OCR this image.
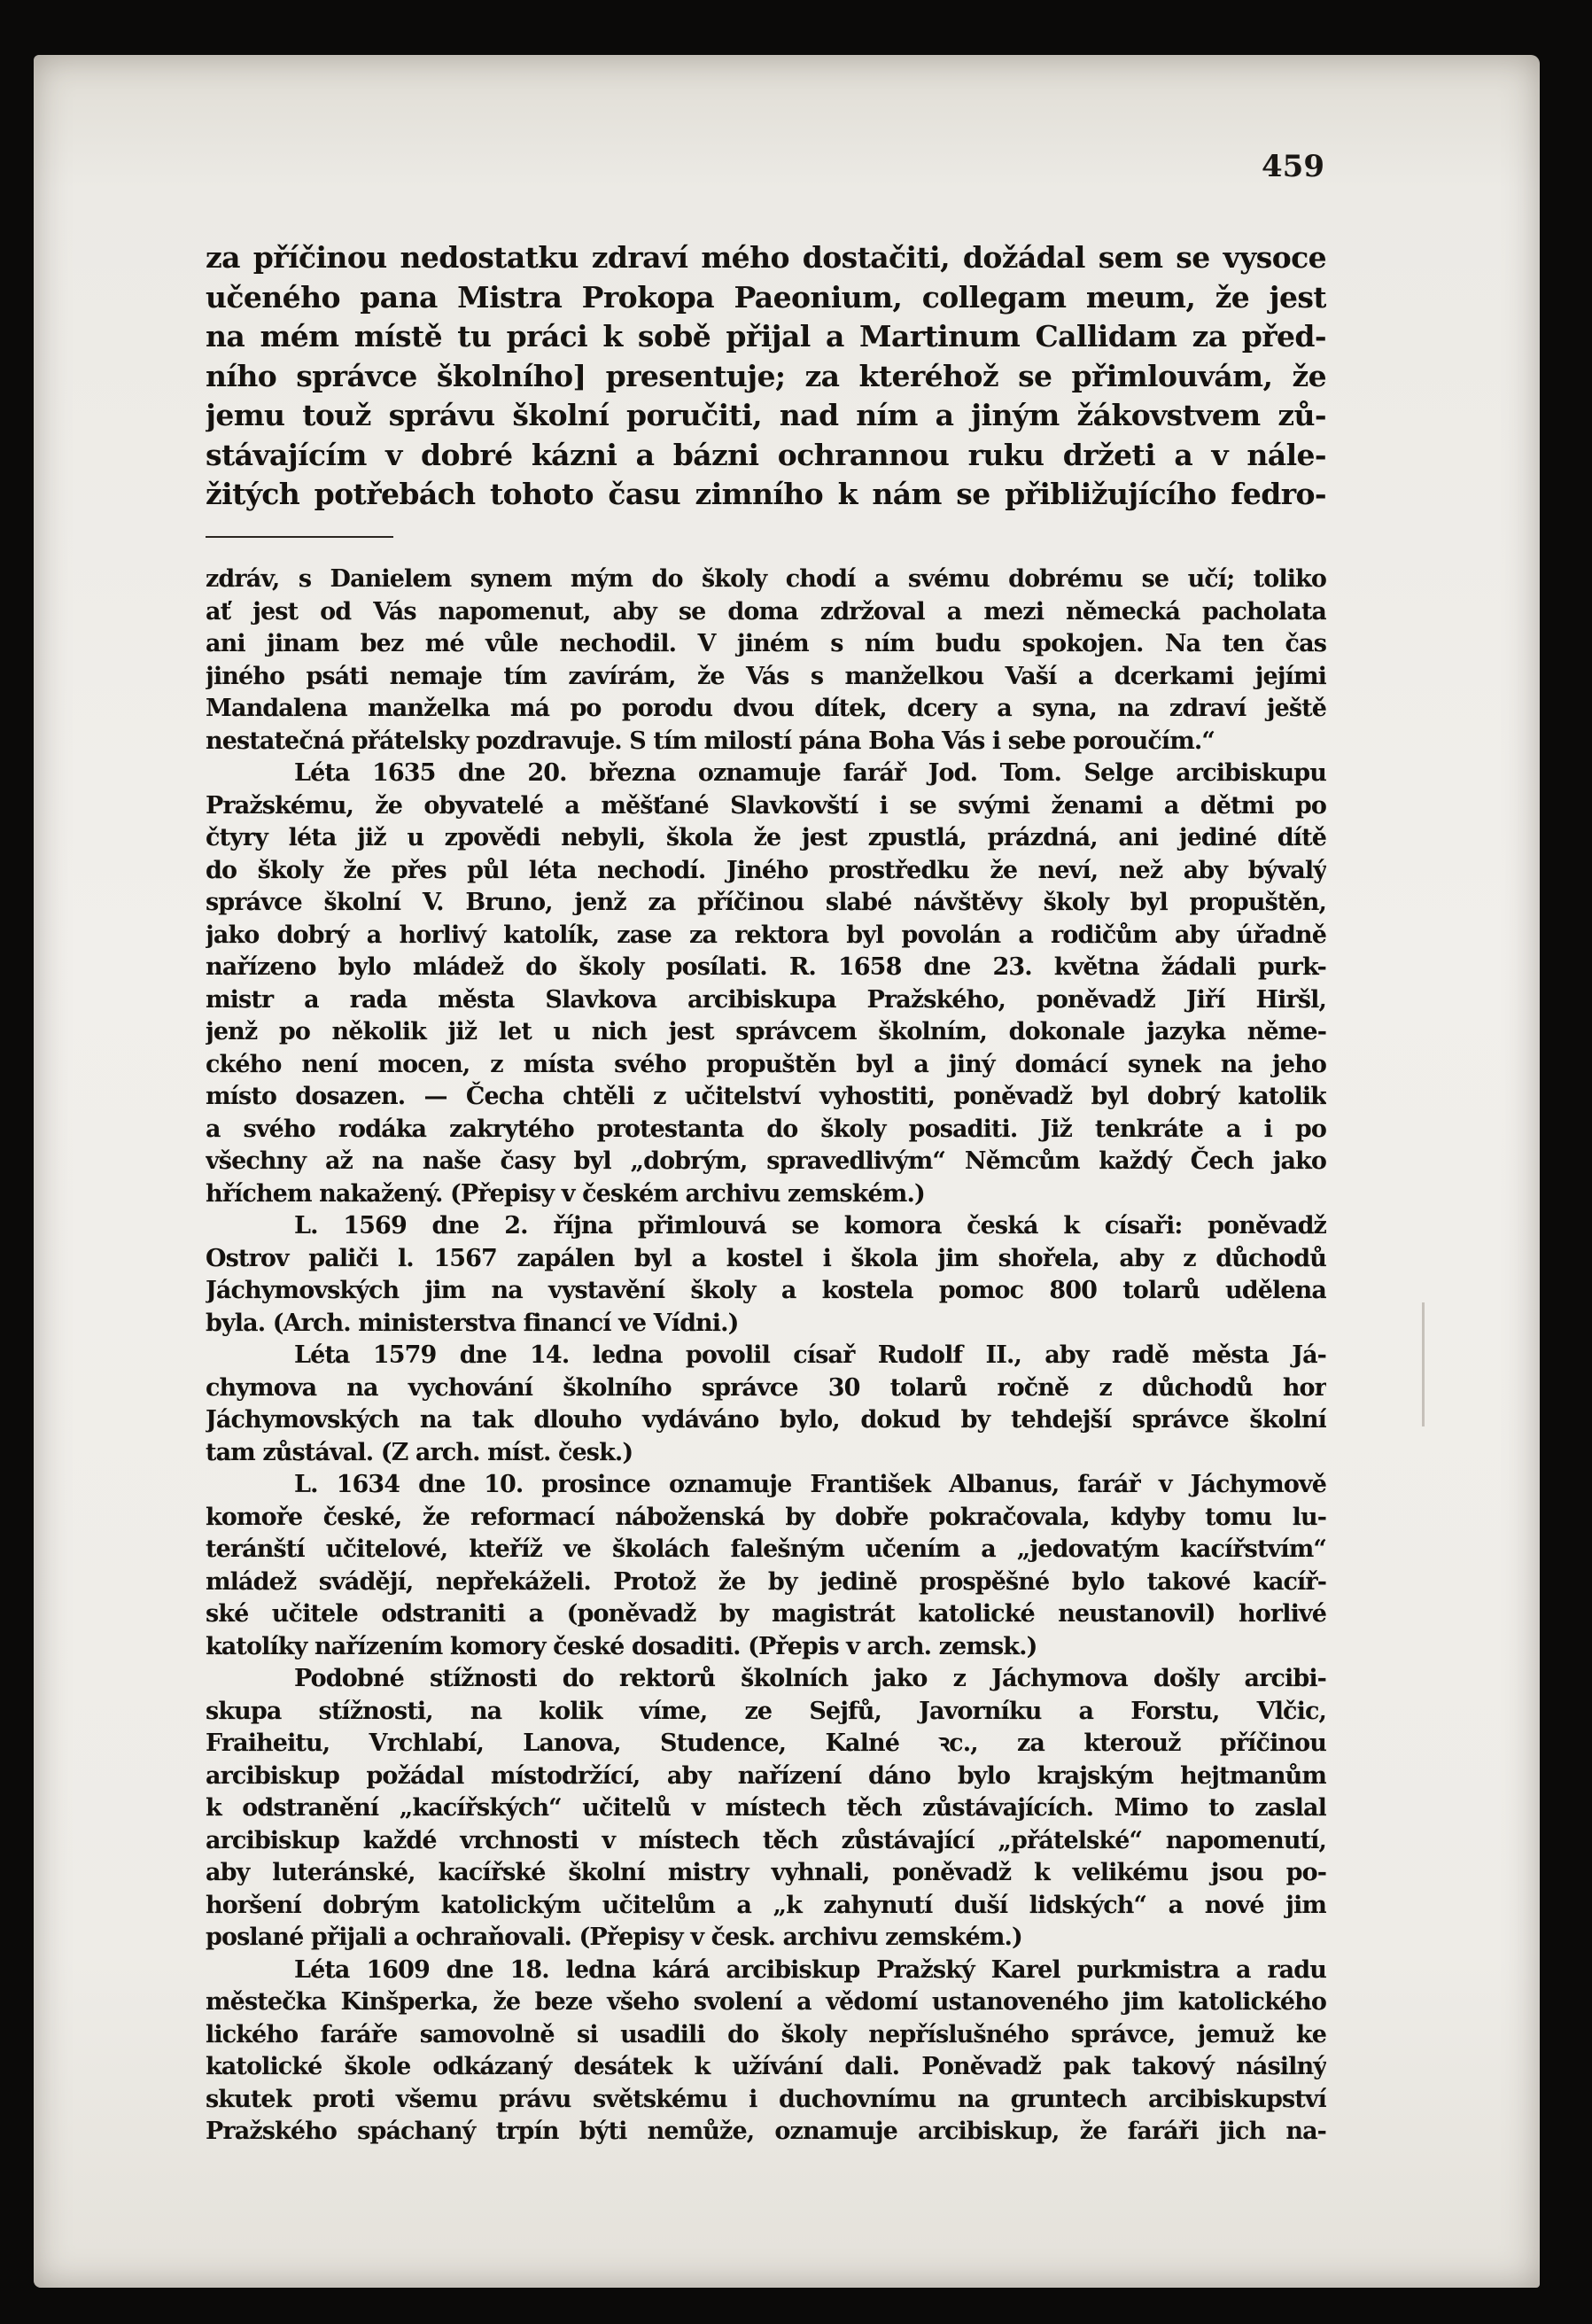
459
za příčinou nedostatku zdraví mého dostačiti, dožádal sem se vysoce
učeného pana Mistra Prokopa Paeonium, collegam meum, že jest
na mém místě tu práci k sobě přijal a Martinum Callidam za před-
ního správce školního] presentuje; za kteréhož se přimlouvám, že
jemu touž správu školní poručiti, nad ním a jiným žákovstvem zů-
stávajícím v dobré kázni a bázni ochrannou ruku držeti a v nále-
žitých potřebách tohoto času zimního k nám se přibližujícího fedro-
zdráv, s Danielem synem mým do školy chodí a svému dobrému se učí; toliko
ať jest od Vás napomenut, aby se doma zdržoval a mezi německá pacholata
ani jinam bez mé vůle nechodil. V jiném s ním budu spokojen. Na ten čas
jiného psáti nemaje tím zavírám, že Vás s manželkou Vaší a dcerkami jejími
Mandalena manželka má po porodu dvou dítek, dcery a syna, na zdraví ještě
nestatečná přátelsky pozdravuje. S tím milostí pána Boha Vás i sebe poroučím.“
Léta 1635 dne 20. března oznamuje farář Jod. Tom. Selge arcibiskupu
Pražskému, že obyvatelé a měšťané Slavkovští i se svými ženami a dětmi po
čtyry léta již u zpovědi nebyli, škola že jest zpustlá, prázdná, ani jediné dítě
do školy že přes půl léta nechodí. Jiného prostředku že neví, než aby bývalý
správce školní V. Bruno, jenž za příčinou slabé návštěvy školy byl propuštěn,
jako dobrý a horlivý katolík, zase za rektora byl povolán a rodičům aby úřadně
nařízeno bylo mládež do školy posílati. R. 1658 dne 23. května žádali purk-
mistr a rada města Slavkova arcibiskupa Pražského, poněvadž Jiří Hiršl,
jenž po několik již let u nich jest správcem školním, dokonale jazyka něme-
ckého není mocen, z místa svého propuštěn byl a jiný domácí synek na jeho
místo dosazen. — Čecha chtěli z učitelství vyhostiti, poněvadž byl dobrý katolik
a svého rodáka zakrytého protestanta do školy posaditi. Již tenkráte a i po
všechny až na naše časy byl „dobrým, spravedlivým“ Němcům každý Čech jako
hříchem nakažený. (Přepisy v českém archivu zemském.)
L. 1569 dne 2. října přimlouvá se komora česká k císaři: poněvadž
Ostrov paliči l. 1567 zapálen byl a kostel i škola jim shořela, aby z důchodů
Jáchymovských jim na vystavění školy a kostela pomoc 800 tolarů udělena
byla. (Arch. ministerstva financí ve Vídni.)
Léta 1579 dne 14. ledna povolil císař Rudolf II., aby radě města Já-
chymova na vychování školního správce 30 tolarů ročně z důchodů hor
Jáchymovských na tak dlouho vydáváno bylo, dokud by tehdejší správce školní
tam zůstával. (Z arch. míst. česk.)
L. 1634 dne 10. prosince oznamuje František Albanus, farář v Jáchymově
komoře české, že reformací náboženská by dobře pokračovala, kdyby tomu lu-
teránští učitelové, kteříž ve školách falešným učením a „jedovatým kacířstvím“
mládež svádějí, nepřekáželi. Protož že by jedině prospěšné bylo takové kacíř-
ské učitele odstraniti a (poněvadž by magistrát katolické neustanovil) horlivé
katolíky nařízením komory české dosaditi. (Přepis v arch. zemsk.)
Podobné stížnosti do rektorů školních jako z Jáchymova došly arcibi-
skupa stížnosti, na kolik víme, ze Sejfů, Javorníku a Forstu, Vlčic,
Fraiheitu, Vrchlabí, Lanova, Studence, Kalné ꝛc., za kterouž příčinou
arcibiskup požádal místodržící, aby nařízení dáno bylo krajským hejtmanům
k odstranění „kacířských“ učitelů v místech těch zůstávajících. Mimo to zaslal
arcibiskup každé vrchnosti v místech těch zůstávající „přátelské“ napomenutí,
aby luteránské, kacířské školní mistry vyhnali, poněvadž k velikému jsou po-
horšení dobrým katolickým učitelům a „k zahynutí duší lidských“ a nové jim
poslané přijali a ochraňovali. (Přepisy v česk. archivu zemském.)
Léta 1609 dne 18. ledna kárá arcibiskup Pražský Karel purkmistra a radu
městečka Kinšperka, že beze všeho svolení a vědomí ustanoveného jim katolického
lického faráře samovolně si usadili do školy nepříslušného správce, jemuž ke
katolické škole odkázaný desátek k užívání dali. Poněvadž pak takový násilný
skutek proti všemu právu světskému i duchovnímu na gruntech arcibiskupství
Pražského spáchaný trpín býti nemůže, oznamuje arcibiskup, že faráři jich na-
